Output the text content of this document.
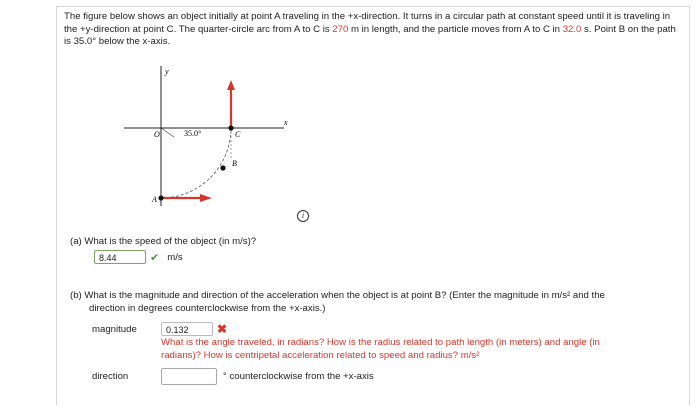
The figure below shows an object initially at point A traveling in the +x-direction. It turns in a circular path at constant speed until it is traveling in the +y-direction at point C. The quarter-circle arc from A to C is 270 m in length, and the particle moves from A to C in 32.0 s. Point B on the path is 35.0° below the x-axis.
y
x
O	35.0°	C
B
A
i
(a) What is the speed of the object (in m/s)?
8.44	✔ m/s
(b) What is the magnitude and direction of the acceleration when the object is at point B? (Enter the magnitude in m/s² and the
direction in degrees counterclockwise from the +x-axis.)
magnitude	0.132	✖
What is the angle traveled, in radians? How is the radius related to path length (in meters) and angle (in
radians)? How is centripetal acceleration related to speed and radius? m/s²
direction	° counterclockwise from the +x-axis
